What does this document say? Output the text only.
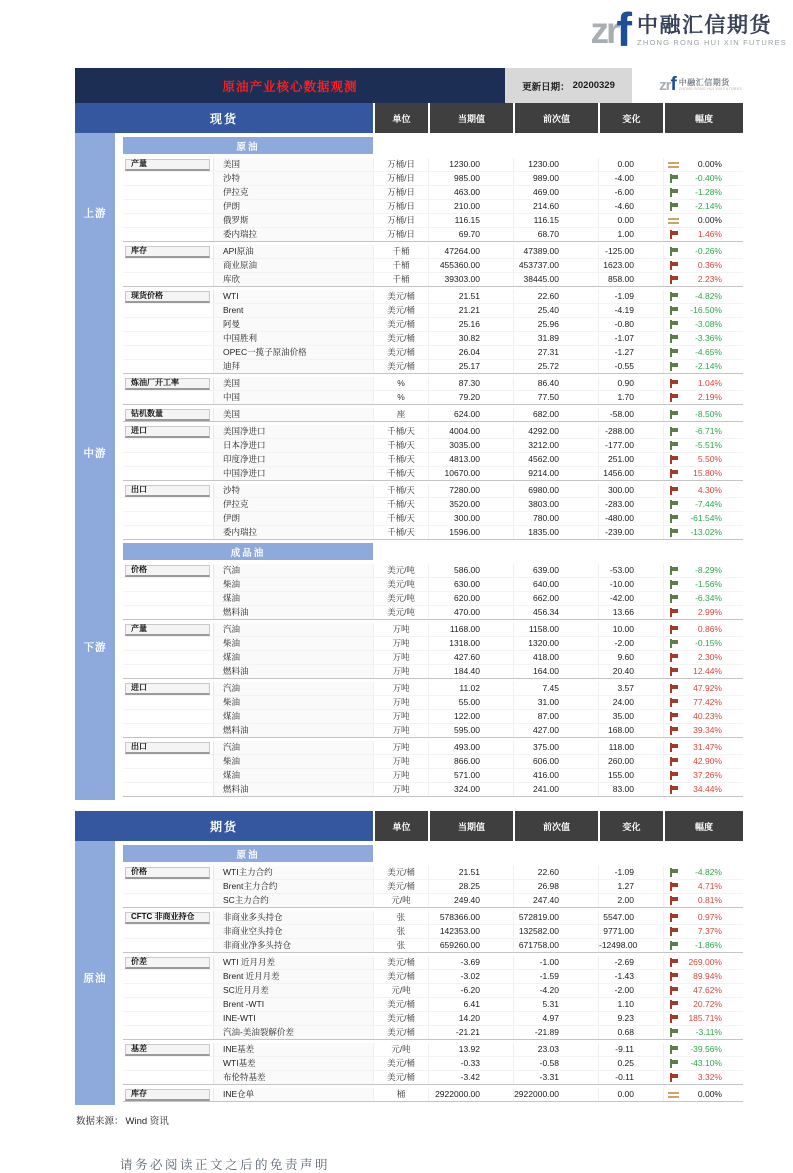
zr f 中融汇信期货
ZHONG RONG HUI XIN FUTURES
原油产业核心数据观测	更新日期： 20200329	zr f 中融汇信期货
ZHONG RONG HUI XIN FUTURES
现货	单位	当期值	前次值	变化	幅度
上游
中游
下游
原油
产量	美国	万桶/日	1230.00	1230.00	0.00	0.00%
沙特	万桶/日	985.00	989.00	-4.00	-0.40%
伊拉克	万桶/日	463.00	469.00	-6.00	-1.28%
伊朗	万桶/日	210.00	214.60	-4.60	-2.14%
俄罗斯	万桶/日	116.15	116.15	0.00	0.00%
委内瑞拉	万桶/日	69.70	68.70	1.00	1.46%
库存	API原油	千桶	47264.00	47389.00	-125.00	-0.26%
商业原油	千桶	455360.00	453737.00	1623.00	0.36%
库欣	千桶	39303.00	38445.00	858.00	2.23%
现货价格	WTI	美元/桶	21.51	22.60	-1.09	-4.82%
Brent	美元/桶	21.21	25.40	-4.19	-16.50%
阿曼	美元/桶	25.16	25.96	-0.80	-3.08%
中国胜利	美元/桶	30.82	31.89	-1.07	-3.36%
OPEC一揽子原油价格	美元/桶	26.04	27.31	-1.27	-4.65%
迪拜	美元/桶	25.17	25.72	-0.55	-2.14%
炼油厂开工率	美国	%	87.30	86.40	0.90	1.04%
中国	%	79.20	77.50	1.70	2.19%
钻机数量	美国	座	624.00	682.00	-58.00	-8.50%
进口	美国净进口	千桶/天	4004.00	4292.00	-288.00	-6.71%
日本净进口	千桶/天	3035.00	3212.00	-177.00	-5.51%
印度净进口	千桶/天	4813.00	4562.00	251.00	5.50%
中国净进口	千桶/天	10670.00	9214.00	1456.00	15.80%
出口	沙特	千桶/天	7280.00	6980.00	300.00	4.30%
伊拉克	千桶/天	3520.00	3803.00	-283.00	-7.44%
伊朗	千桶/天	300.00	780.00	-480.00	-61.54%
委内瑞拉	千桶/天	1596.00	1835.00	-239.00	-13.02%
成品油
价格	汽油	美元/吨	586.00	639.00	-53.00	-8.29%
柴油	美元/吨	630.00	640.00	-10.00	-1.56%
煤油	美元/吨	620.00	662.00	-42.00	-6.34%
燃料油	美元/吨	470.00	456.34	13.66	2.99%
产量	汽油	万吨	1168.00	1158.00	10.00	0.86%
柴油	万吨	1318.00	1320.00	-2.00	-0.15%
煤油	万吨	427.60	418.00	9.60	2.30%
燃料油	万吨	184.40	164.00	20.40	12.44%
进口	汽油	万吨	11.02	7.45	3.57	47.92%
柴油	万吨	55.00	31.00	24.00	77.42%
煤油	万吨	122.00	87.00	35.00	40.23%
燃料油	万吨	595.00	427.00	168.00	39.34%
出口	汽油	万吨	493.00	375.00	118.00	31.47%
柴油	万吨	866.00	606.00	260.00	42.90%
煤油	万吨	571.00	416.00	155.00	37.26%
燃料油	万吨	324.00	241.00	83.00	34.44%
期货	单位	当期值	前次值	变化	幅度
原油
原油
价格	WTI主力合约	美元/桶	21.51	22.60	-1.09	-4.82%
Brent主力合约	美元/桶	28.25	26.98	1.27	4.71%
SC主力合约	元/吨	249.40	247.40	2.00	0.81%
CFTC 非商业持仓	非商业多头持仓	张	578366.00	572819.00	5547.00	0.97%
非商业空头持仓	张	142353.00	132582.00	9771.00	7.37%
非商业净多头持仓	张	659260.00	671758.00	-12498.00	-1.86%
价差	WTI 近月月差	美元/桶	-3.69	-1.00	-2.69	269.00%
Brent 近月月差	美元/桶	-3.02	-1.59	-1.43	89.94%
SC近月月差	元/吨	-6.20	-4.20	-2.00	47.62%
Brent -WTI	美元/桶	6.41	5.31	1.10	20.72%
INE-WTI	美元/桶	14.20	4.97	9.23	185.71%
汽油-美油裂解价差	美元/桶	-21.21	-21.89	0.68	-3.11%
基差	INE基差	元/吨	13.92	23.03	-9.11	-39.56%
WTI基差	美元/桶	-0.33	-0.58	0.25	-43.10%
布伦特基差	美元/桶	-3.42	-3.31	-0.11	3.32%
库存	INE仓单	桶	2922000.00	2922000.00	0.00	0.00%
数据来源： Wind 资讯
请务必阅读正文之后的免责声明
